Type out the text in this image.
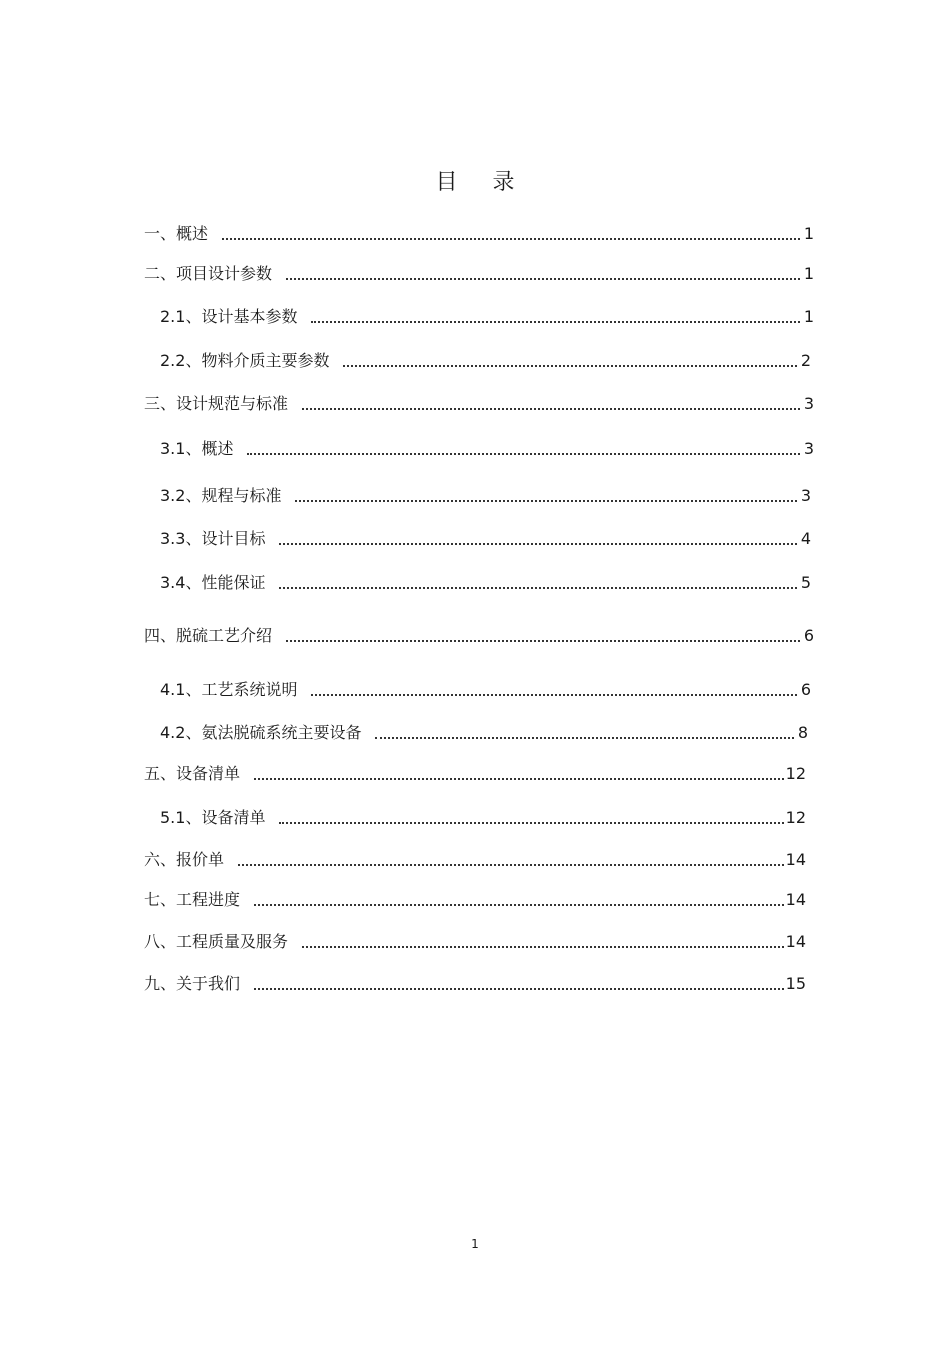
目 录
一、概述	1
二、项目设计参数	1
2.1、设计基本参数	1
2.2、物料介质主要参数	2
三、设计规范与标准	3
3.1、概述	3
3.2、规程与标准	3
3.3、设计目标	4
3.4、性能保证	5
四、脱硫工艺介绍	6
4.1、工艺系统说明	6
4.2、氨法脱硫系统主要设备	8
五、设备清单	12
5.1、设备清单	12
六、报价单	14
七、工程进度	14
八、工程质量及服务	14
九、关于我们	15
1
